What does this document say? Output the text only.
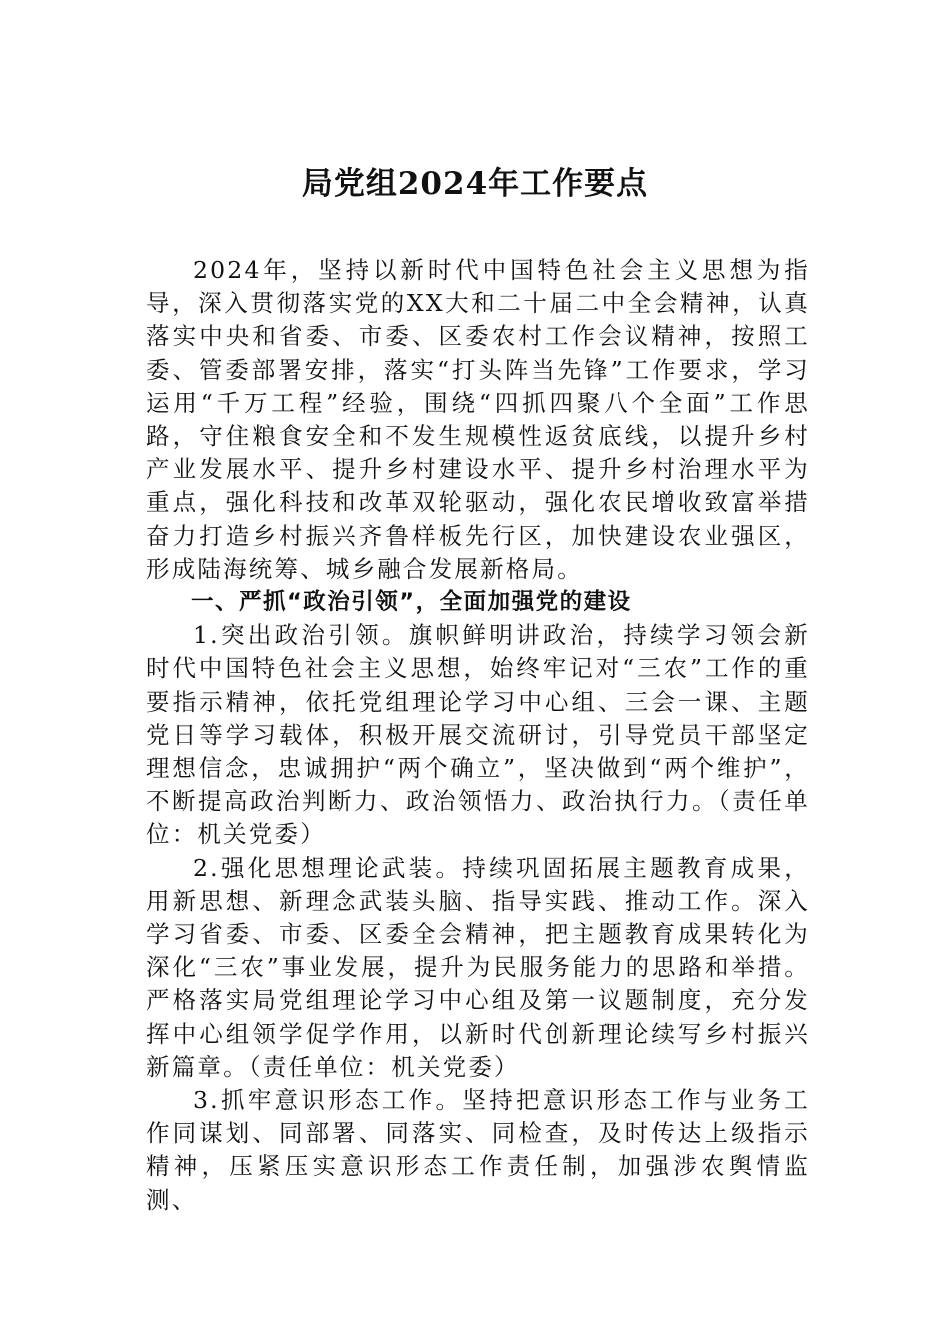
局党组2024年工作要点

2024年，坚持以新时代中国特色社会主义思想为指导，深入贯彻落实党的XX大和二十届二中全会精神，认真落实中央和省委、市委、区委农村工作会议精神，按照工委、管委部署安排，落实“打头阵当先锋”工作要求，学习运用“千万工程”经验，围绕“四抓四聚八个全面”工作思路，守住粮食安全和不发生规模性返贫底线，以提升乡村产业发展水平、提升乡村建设水平、提升乡村治理水平为重点，强化科技和改革双轮驱动，强化农民增收致富举措奋力打造乡村振兴齐鲁样板先行区，加快建设农业强区，形成陆海统筹、城乡融合发展新格局。

一、严抓“政治引领”，全面加强党的建设

1.突出政治引领。旗帜鲜明讲政治，持续学习领会新时代中国特色社会主义思想，始终牢记对“三农”工作的重要指示精神，依托党组理论学习中心组、三会一课、主题党日等学习载体，积极开展交流研讨，引导党员干部坚定理想信念，忠诚拥护“两个确立”，坚决做到“两个维护”，不断提高政治判断力、政治领悟力、政治执行力。（责任单位：机关党委）

2.强化思想理论武装。持续巩固拓展主题教育成果，用新思想、新理念武装头脑、指导实践、推动工作。深入学习省委、市委、区委全会精神，把主题教育成果转化为深化“三农”事业发展，提升为民服务能力的思路和举措。严格落实局党组理论学习中心组及第一议题制度，充分发挥中心组领学促学作用，以新时代创新理论续写乡村振兴新篇章。（责任单位：机关党委）

3.抓牢意识形态工作。坚持把意识形态工作与业务工作同谋划、同部署、同落实、同检查，及时传达上级指示精神，压紧压实意识形态工作责任制，加强涉农舆情监测、
